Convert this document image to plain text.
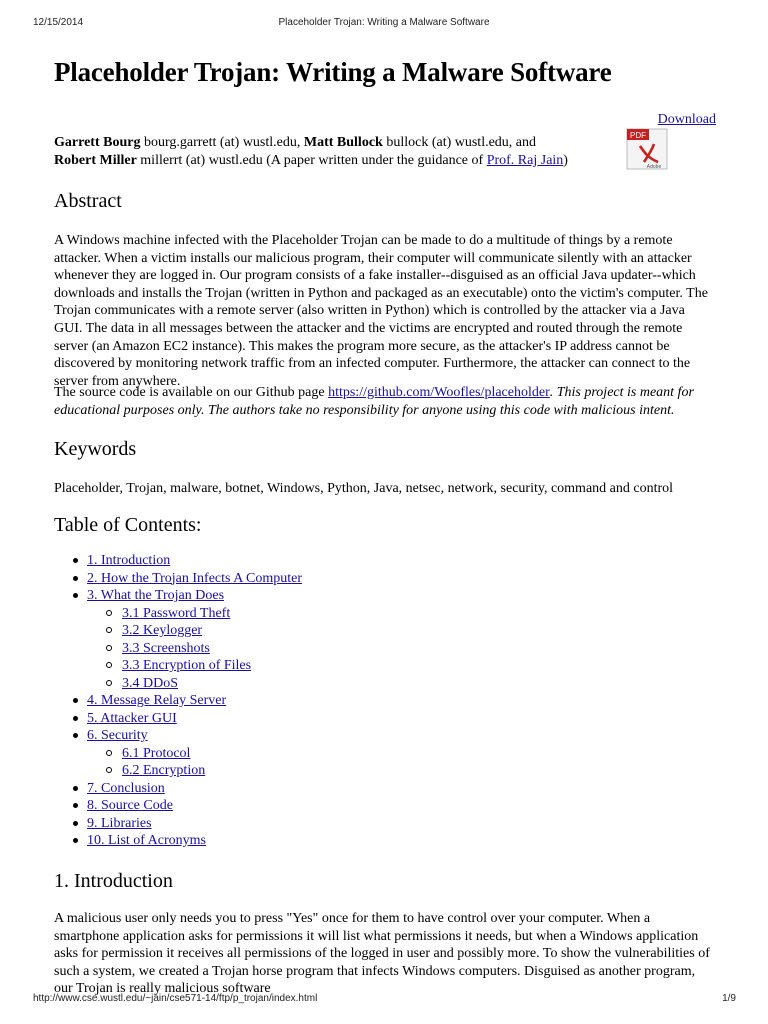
12/15/2014	Placeholder Trojan: Writing a Malware Software
Placeholder Trojan: Writing a Malware Software
Download
PDF
Adobe
Garrett Bourg bourg.garrett (at) wustl.edu, Matt Bullock bullock (at) wustl.edu, and Robert Miller millerrt (at) wustl.edu (A paper written under the guidance of Prof. Raj Jain)
Abstract

A Windows machine infected with the Placeholder Trojan can be made to do a multitude of things by a remote attacker. When a victim installs our malicious program, their computer will communicate silently with an attacker whenever they are logged in. Our program consists of a fake installer--disguised as an official Java updater--which downloads and installs the Trojan (written in Python and packaged as an executable) onto the victim's computer. The Trojan communicates with a remote server (also written in Python) which is controlled by the attacker via a Java GUI. The data in all messages between the attacker and the victims are encrypted and routed through the remote server (an Amazon EC2 instance). This makes the program more secure, as the attacker's IP address cannot be discovered by monitoring network traffic from an infected computer. Furthermore, the attacker can connect to the server from anywhere.

The source code is available on our Github page https://github.com/Woofles/placeholder. This project is meant for educational purposes only. The authors take no responsibility for anyone using this code with malicious intent.

Keywords

Placeholder, Trojan, malware, botnet, Windows, Python, Java, netsec, network, security, command and control

Table of Contents:
1. Introduction
2. How the Trojan Infects A Computer
3. What the Trojan Does
3.1 Password Theft
3.2 Keylogger
3.3 Screenshots
3.3 Encryption of Files
3.4 DDoS
4. Message Relay Server
5. Attacker GUI
6. Security
6.1 Protocol
6.2 Encryption
7. Conclusion
8. Source Code
9. Libraries
10. List of Acronyms
1. Introduction

A malicious user only needs you to press "Yes" once for them to have control over your computer. When a smartphone application asks for permissions it will list what permissions it needs, but when a Windows application asks for permission it receives all permissions of the logged in user and possibly more. To show the vulnerabilities of such a system, we created a Trojan horse program that infects Windows computers. Disguised as another program, our Trojan is really malicious software

http://www.cse.wustl.edu/~jain/cse571-14/ftp/p_trojan/index.html	1/9
